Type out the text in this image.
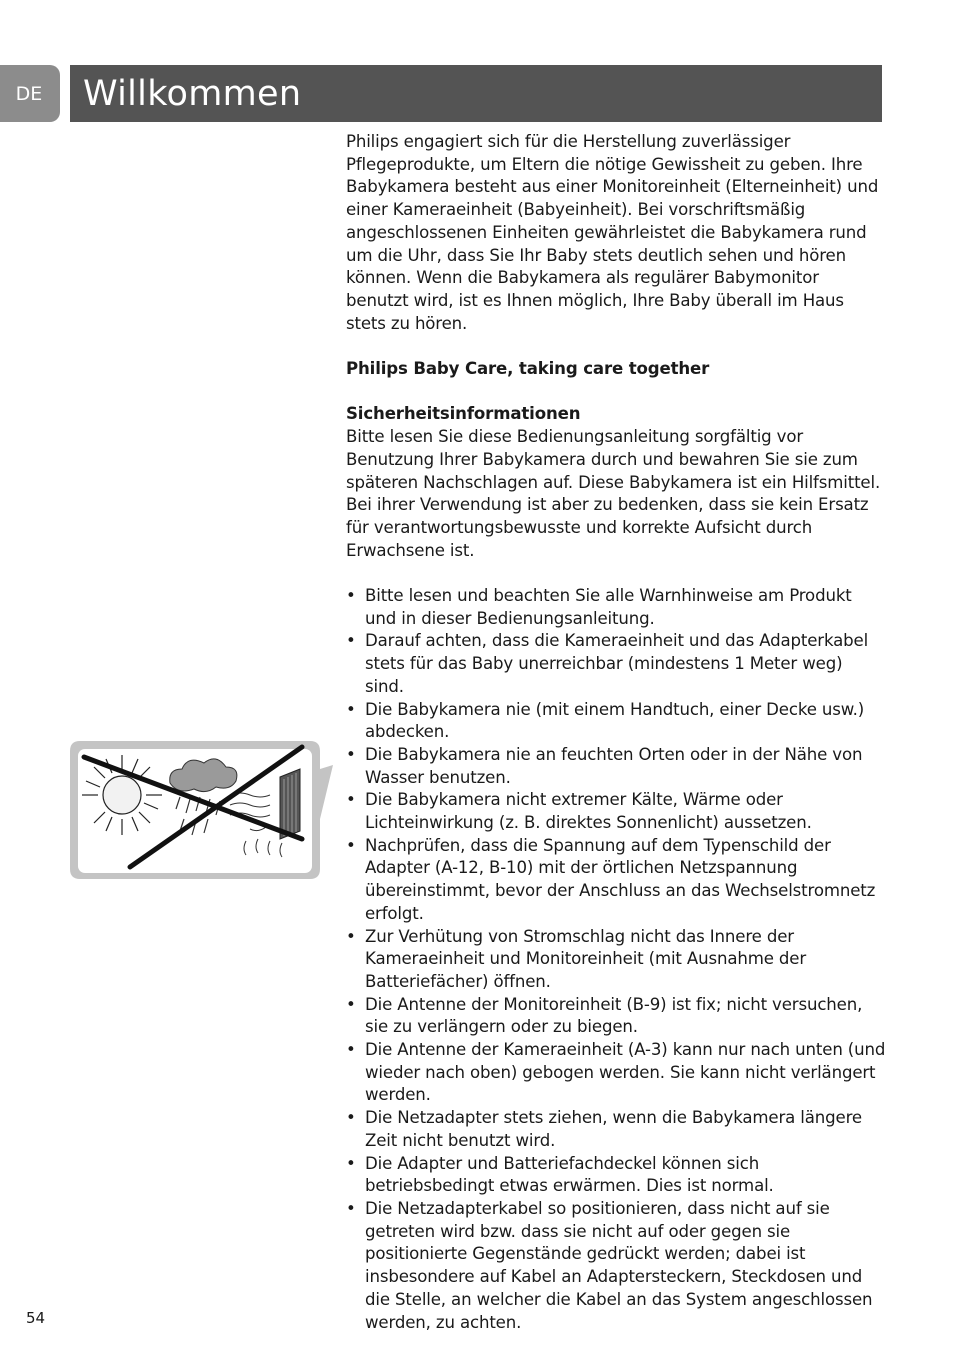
DE Willkommen

Philips engagiert sich für die Herstellung zuverlässiger Pflegeprodukte, um Eltern die nötige Gewissheit zu geben. Ihre Babykamera besteht aus einer Monitoreinheit (Elterneinheit) und einer Kameraeinheit (Babyeinheit). Bei vorschriftsmäßig angeschlossenen Einheiten gewährleistet die Babykamera rund um die Uhr, dass Sie Ihr Baby stets deutlich sehen und hören können. Wenn die Babykamera als regulärer Babymonitor benutzt wird, ist es Ihnen möglich, Ihre Baby überall im Haus stets zu hören.

Philips Baby Care, taking care together

Sicherheitsinformationen

Bitte lesen Sie diese Bedienungsanleitung sorgfältig vor Benutzung Ihrer Babykamera durch und bewahren Sie sie zum späteren Nachschlagen auf. Diese Babykamera ist ein Hilfsmittel. Bei ihrer Verwendung ist aber zu bedenken, dass sie kein Ersatz für verantwortungsbewusste und korrekte Aufsicht durch Erwachsene ist.

• Bitte lesen und beachten Sie alle Warnhinweise am Produkt und in dieser Bedienungsanleitung.
• Darauf achten, dass die Kameraeinheit und das Adapterkabel stets für das Baby unerreichbar (mindestens 1 Meter weg) sind.
• Die Babykamera nie (mit einem Handtuch, einer Decke usw.) abdecken.
• Die Babykamera nie an feuchten Orten oder in der Nähe von Wasser benutzen.
• Die Babykamera nicht extremer Kälte, Wärme oder Lichteinwirkung (z. B. direktes Sonnenlicht) aussetzen.
• Nachprüfen, dass die Spannung auf dem Typenschild der Adapter (A-12, B-10) mit der örtlichen Netzspannung übereinstimmt, bevor der Anschluss an das Wechselstromnetz erfolgt.
• Zur Verhütung von Stromschlag nicht das Innere der Kameraeinheit und Monitoreinheit (mit Ausnahme der Batteriefächer) öffnen.
• Die Antenne der Monitoreinheit (B-9) ist fix; nicht versuchen, sie zu verlängern oder zu biegen.
• Die Antenne der Kameraeinheit (A-3) kann nur nach unten (und wieder nach oben) gebogen werden. Sie kann nicht verlängert werden.
• Die Netzadapter stets ziehen, wenn die Babykamera längere Zeit nicht benutzt wird.
• Die Adapter und Batteriefachdeckel können sich betriebsbedingt etwas erwärmen. Dies ist normal.
• Die Netzadapterkabel so positionieren, dass nicht auf sie getreten wird bzw. dass sie nicht auf oder gegen sie positionierte Gegenstände gedrückt werden; dabei ist insbesondere auf Kabel an Adaptersteckern, Steckdosen und die Stelle, an welcher die Kabel an das System angeschlossen werden, zu achten.
54
